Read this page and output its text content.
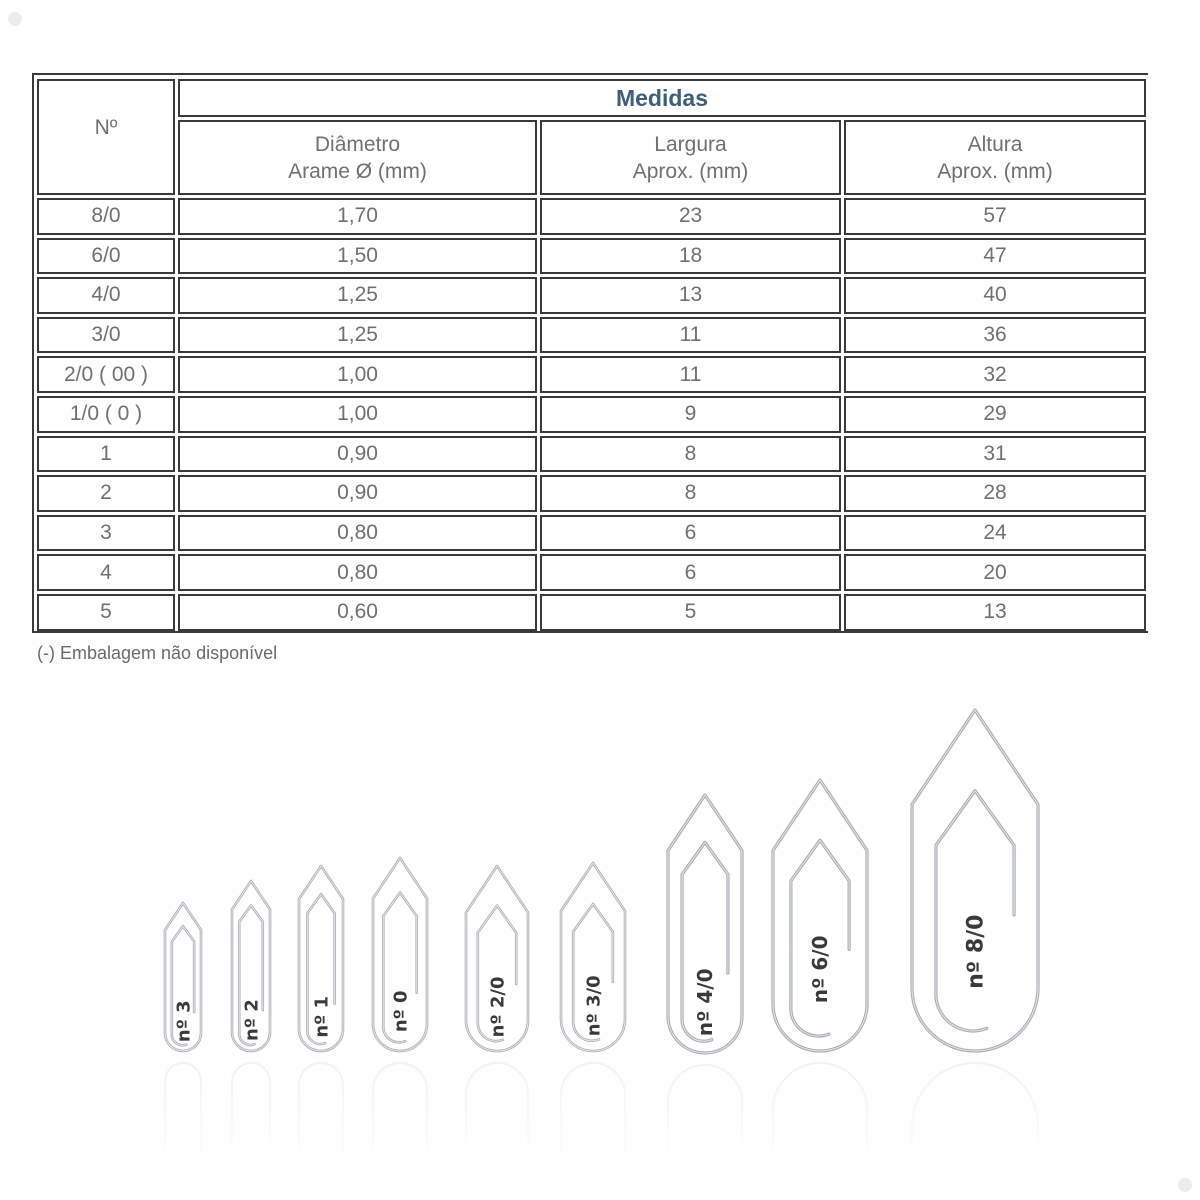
Nº
Medidas
Diâmetro
Arame Ø (mm)
Largura
Aprox. (mm)
Altura
Aprox. (mm)
8/0	1,70	23	57
6/0	1,50	18	47
4/0	1,25	13	40
3/0	1,25	11	36
2/0 ( 00 )	1,00	11	32
1/0 ( 0 )	1,00	9	29
1	0,90	8	31
2	0,90	8	28
3	0,80	6	24
4	0,80	6	20
5	0,60	5	13
(-) Embalagem não disponível
nº 3	nº 2	nº 1	nº 0	nº 2/0	nº 3/0	nº 4/0	nº 6/0	nº 8/0
